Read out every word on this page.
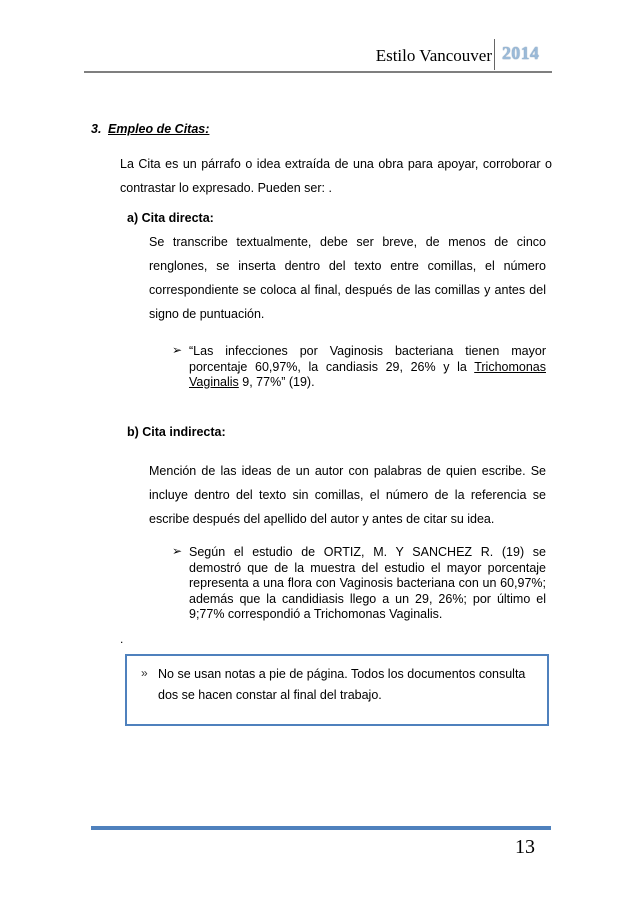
Estilo Vancouver 2014
3. Empleo de Citas:
La Cita es un párrafo o idea extraída de una obra para apoyar, corroborar o contrastar lo expresado. Pueden ser: .
a) Cita directa:
Se transcribe textualmente, debe ser breve, de menos de cinco renglones, se inserta dentro del texto entre comillas, el número correspondiente se coloca al final, después de las comillas y antes del signo de puntuación.
➢ “Las infecciones por Vaginosis bacteriana tienen mayor porcentaje 60,97%, la candiasis 29, 26% y la Trichomonas Vaginalis 9, 77%” (19).
b) Cita indirecta:
Mención de las ideas de un autor con palabras de quien escribe. Se incluye dentro del texto sin comillas, el número de la referencia se escribe después del apellido del autor y antes de citar su idea.
➢ Según el estudio de ORTIZ, M. Y SANCHEZ R. (19) se demostró que de la muestra del estudio el mayor porcentaje representa a una flora con Vaginosis bacteriana con un 60,97%; además que la candidiasis llego a un 29, 26%; por último el 9;77% correspondió a Trichomonas Vaginalis.
.
» No se usan notas a pie de página. Todos los documentos consulta dos se hacen constar al final del trabajo.
13
